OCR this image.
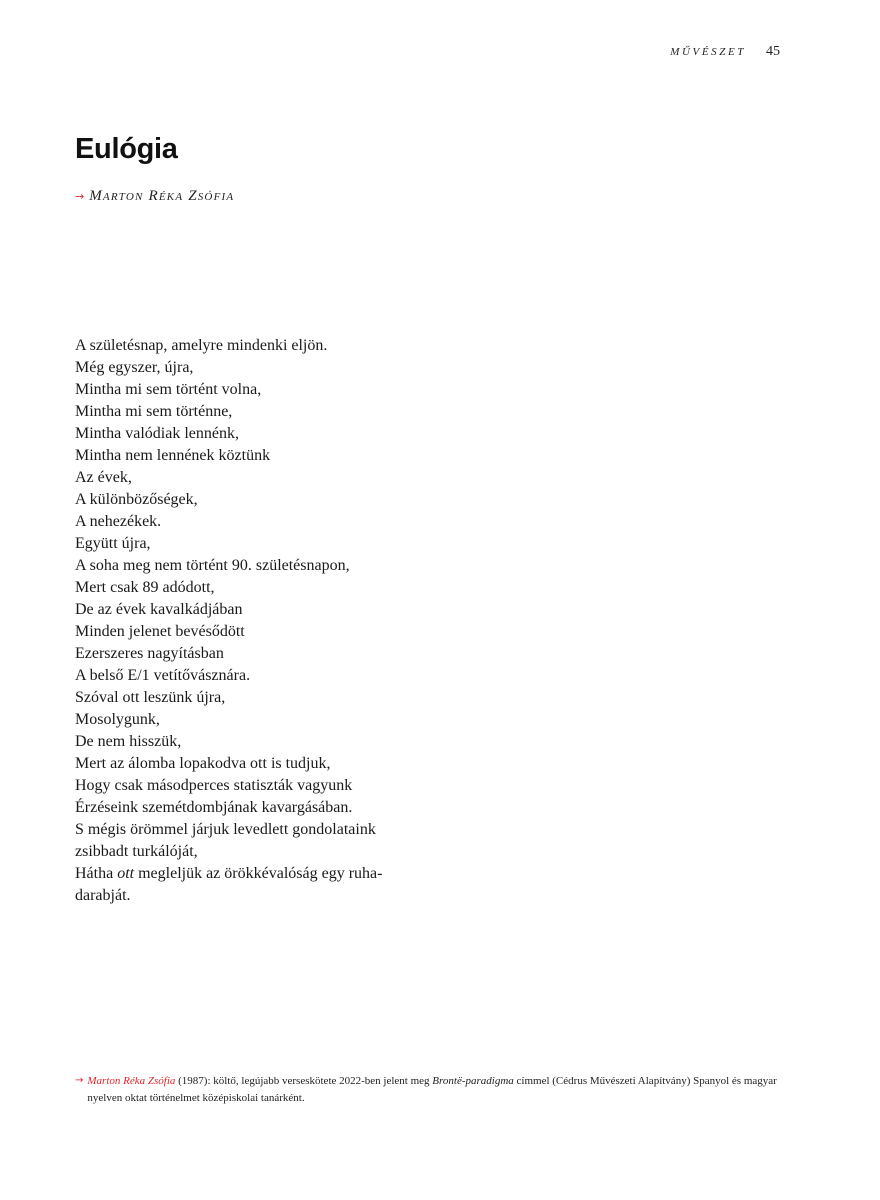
MŰVÉSZET 45
Eulógia
→ Marton Réka Zsófia
A születésnap, amelyre mindenki eljön.
Még egyszer, újra,
Mintha mi sem történt volna,
Mintha mi sem történne,
Mintha valódiak lennénk,
Mintha nem lennének köztünk
Az évek,
A különbözőségek,
A nehezékek.
Együtt újra,
A soha meg nem történt 90. születésnapon,
Mert csak 89 adódott,
De az évek kavalkádjában
Minden jelenet bevésődött
Ezerszeres nagyításban
A belső E/1 vetítővásznára.
Szóval ott leszünk újra,
Mosolygunk,
De nem hisszük,
Mert az álomba lopakodva ott is tudjuk,
Hogy csak másodperces statiszták vagyunk
Érzéseink szemétdombjának kavargásában.
S mégis örömmel járjuk levedlett gondolataink
zsibbadt turkálóját,
Hátha ott megleljük az örökkévalóság egy ruha-
darabját.
→ Marton Réka Zsófia (1987): költő, legújabb verseskötete 2022-ben jelent meg Brontë-paradigma címmel (Cédrus Művészeti Alapítvány) Spanyol és magyar nyelven oktat történelmet középiskolai tanárként.
